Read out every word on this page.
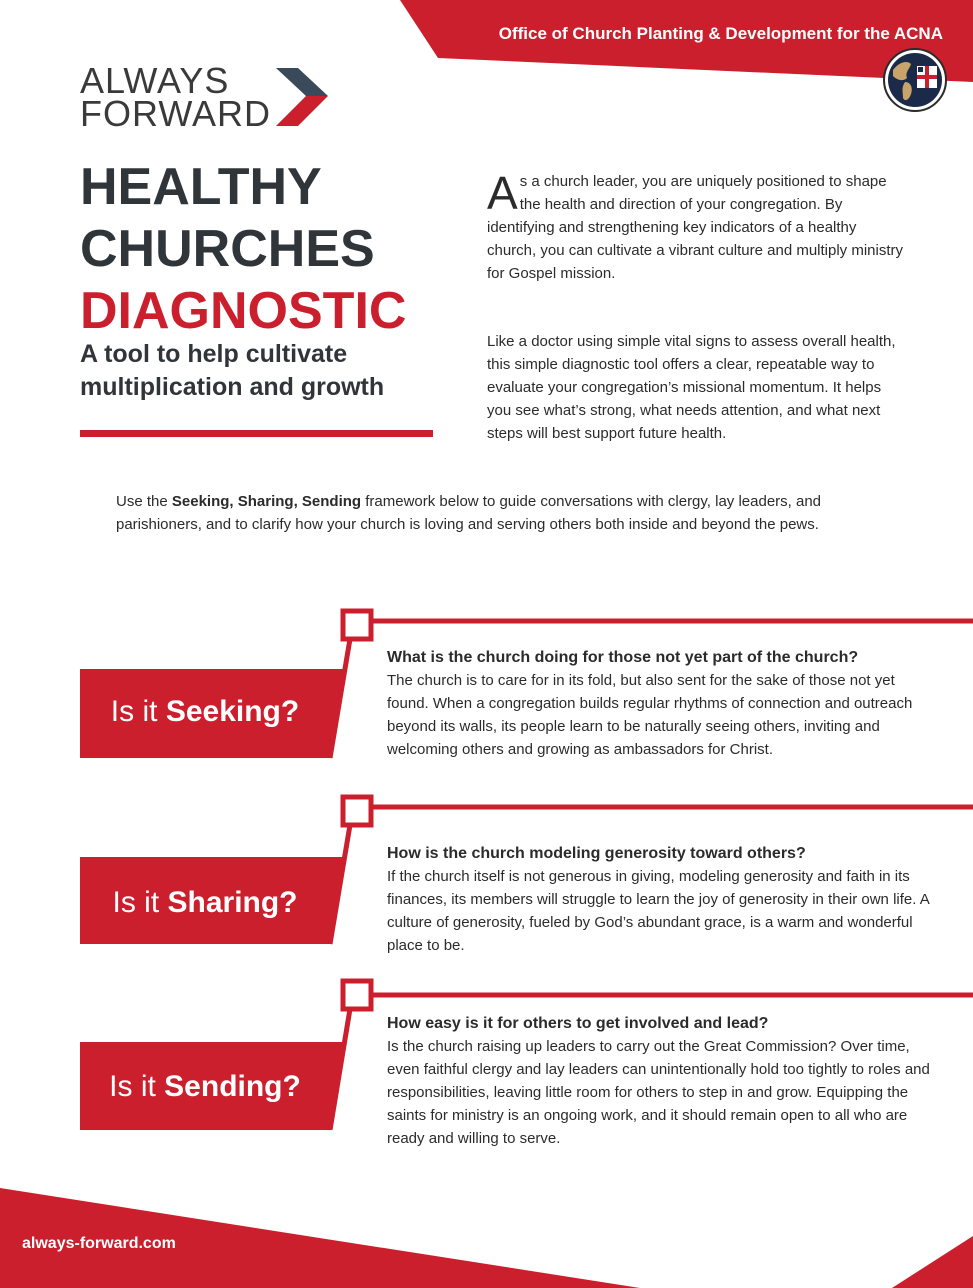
Office of Church Planting & Development for the ACNA
ALWAYS
FORWARD
HEALTHY
CHURCHES
DIAGNOSTIC
A tool to help cultivate multiplication and growth
As a church leader, you are uniquely positioned to shape the health and direction of your congregation. By identifying and strengthening key indicators of a healthy church, you can cultivate a vibrant culture and multiply ministry for Gospel mission.
Like a doctor using simple vital signs to assess overall health, this simple diagnostic tool offers a clear, repeatable way to evaluate your congregation’s missional momentum. It helps you see what’s strong, what needs attention, and what next steps will best support future health.
Use the Seeking, Sharing, Sending framework below to guide conversations with clergy, lay leaders, and parishioners, and to clarify how your church is loving and serving others both inside and beyond the pews.
Is it Seeking?
What is the church doing for those not yet part of the church?
The church is to care for in its fold, but also sent for the sake of those not yet found. When a congregation builds regular rhythms of connection and outreach beyond its walls, its people learn to be naturally seeing others, inviting and welcoming others and growing as ambassadors for Christ.
Is it Sharing?
How is the church modeling generosity toward others?
If the church itself is not generous in giving, modeling generosity and faith in its finances, its members will struggle to learn the joy of generosity in their own life. A culture of generosity, fueled by God’s abundant grace, is a warm and wonderful place to be.
Is it Sending?
How easy is it for others to get involved and lead?
Is the church raising up leaders to carry out the Great Commission? Over time, even faithful clergy and lay leaders can unintentionally hold too tightly to roles and responsibilities, leaving little room for others to step in and grow. Equipping the saints for ministry is an ongoing work, and it should remain open to all who are ready and willing to serve.
always-forward.com
